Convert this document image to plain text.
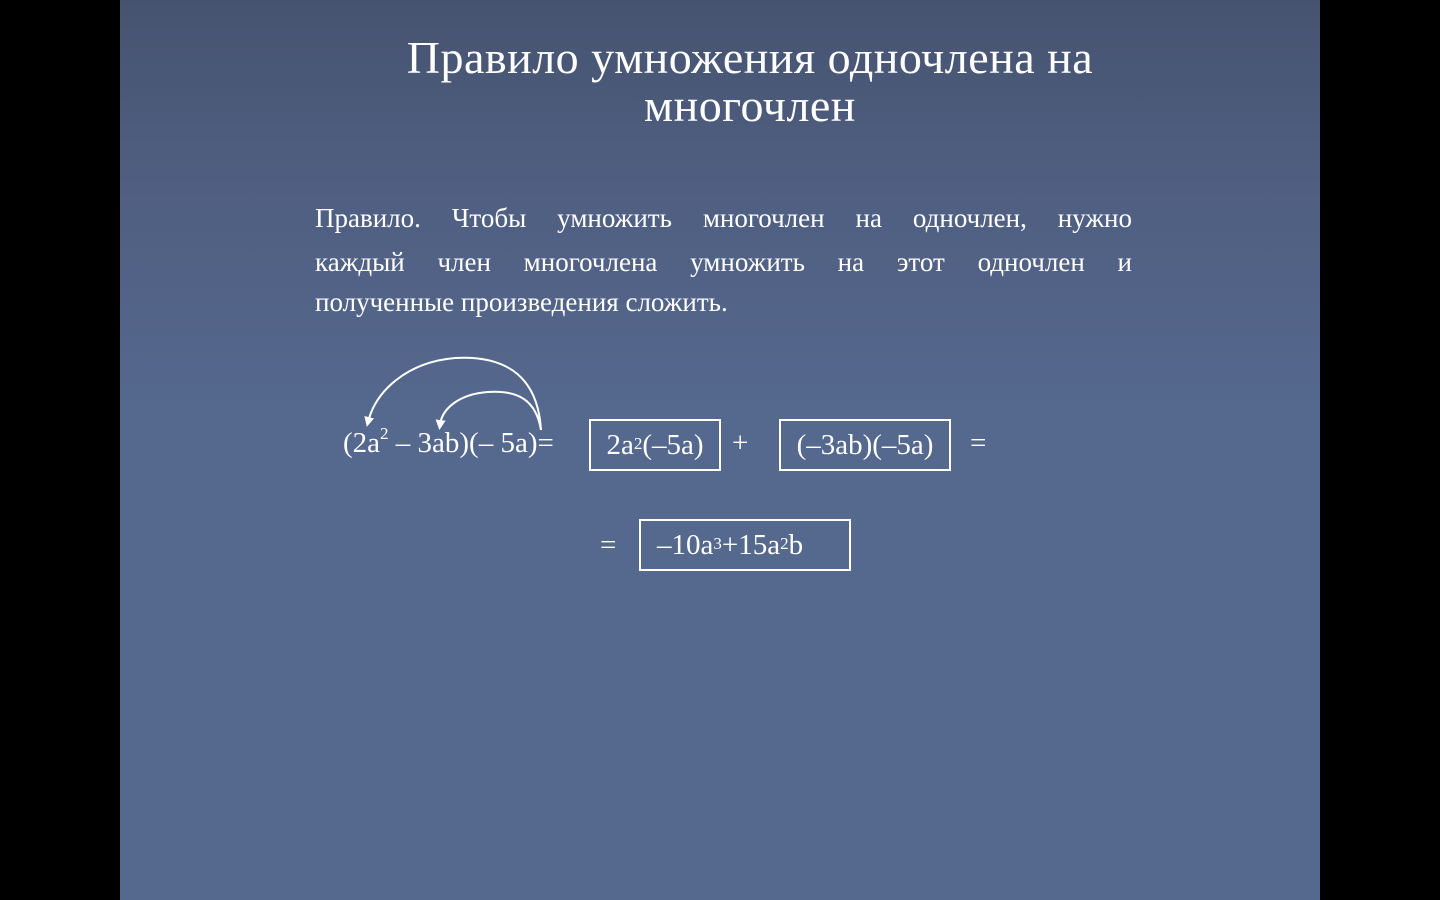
Правило умножения одночлена на
многочлен
Правило. Чтобы умножить многочлен на одночлен, нужно
каждый член многочлена умножить на этот одночлен и
полученные произведения сложить.
$(2a^2 - 3ab)(-$ $5a)= 2a^2$ (–5a) + (–3ab)(–5a) =
= $-10a^3 +15a^2$ b
